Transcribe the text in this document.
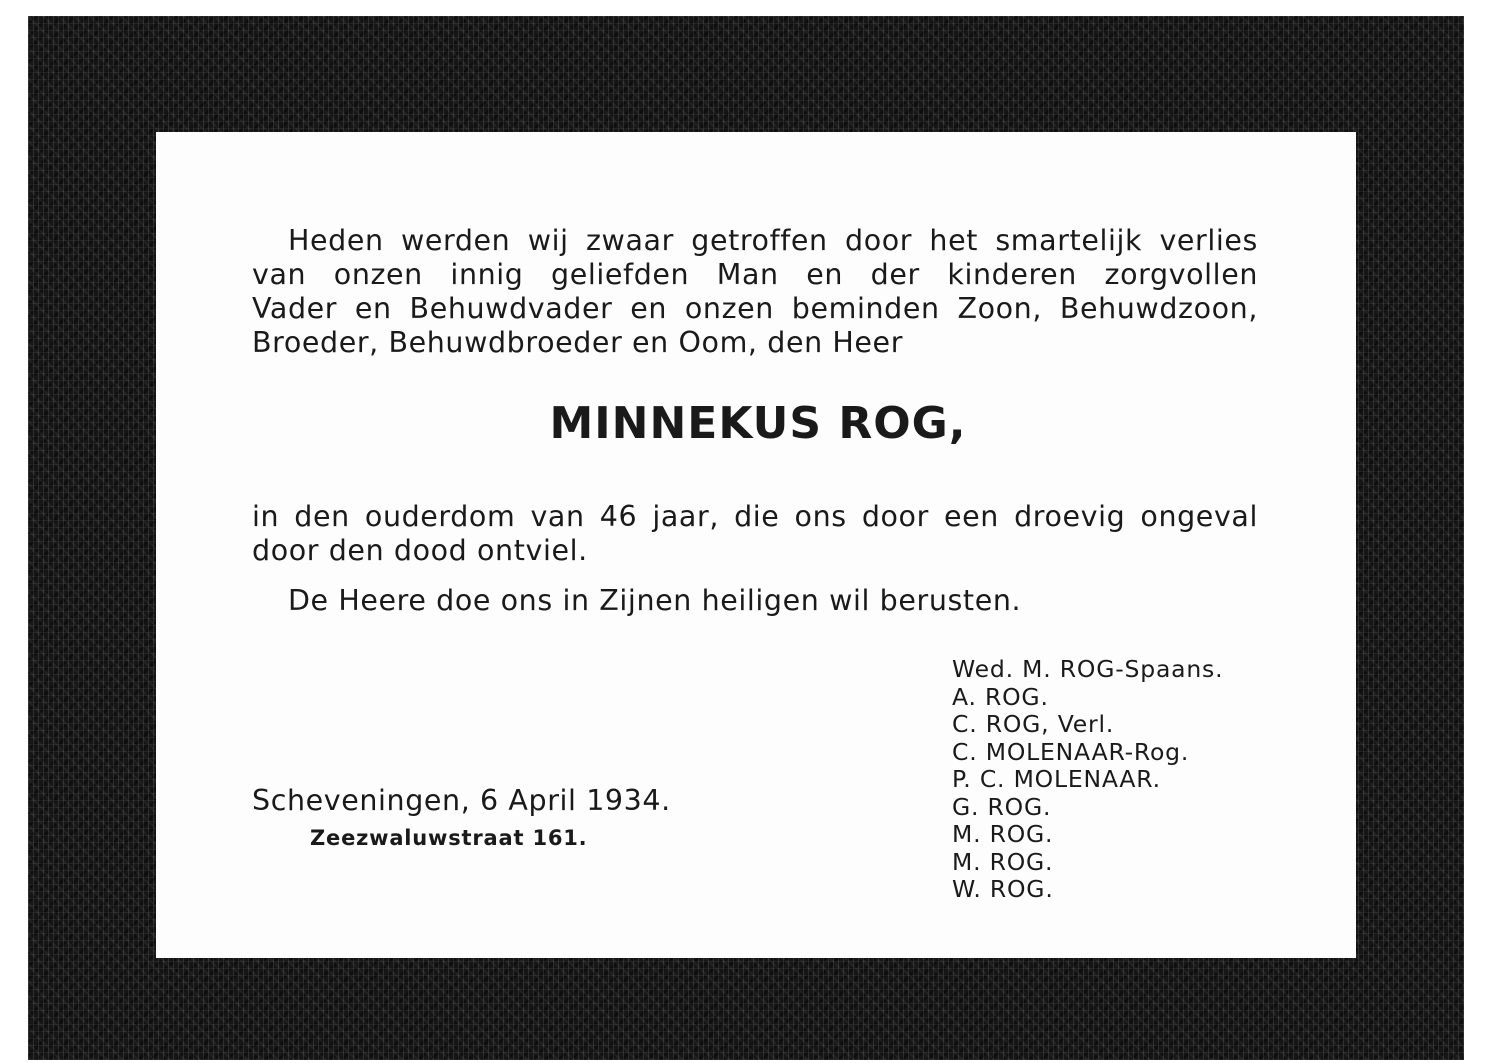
Heden werden wij zwaar getroffen door het smartelijk verlies
van onzen innig geliefden Man en der kinderen zorgvollen
Vader en Behuwdvader en onzen beminden Zoon, Behuwdzoon,
Broeder, Behuwdbroeder en Oom, den Heer

MINNEKUS ROG,

in den ouderdom van 46 jaar, die ons door een droevig ongeval
door den dood ontviel.

De Heere doe ons in Zijnen heiligen wil berusten.

Scheveningen, 6 April 1934.

Zeezwaluwstraat 161.

Wed. M. ROG-Spaans.
A. ROG.
C. ROG, Verl.
C. MOLENAAR-Rog.
P. C. MOLENAAR.
G. ROG.
M. ROG.
M. ROG.
W. ROG.
